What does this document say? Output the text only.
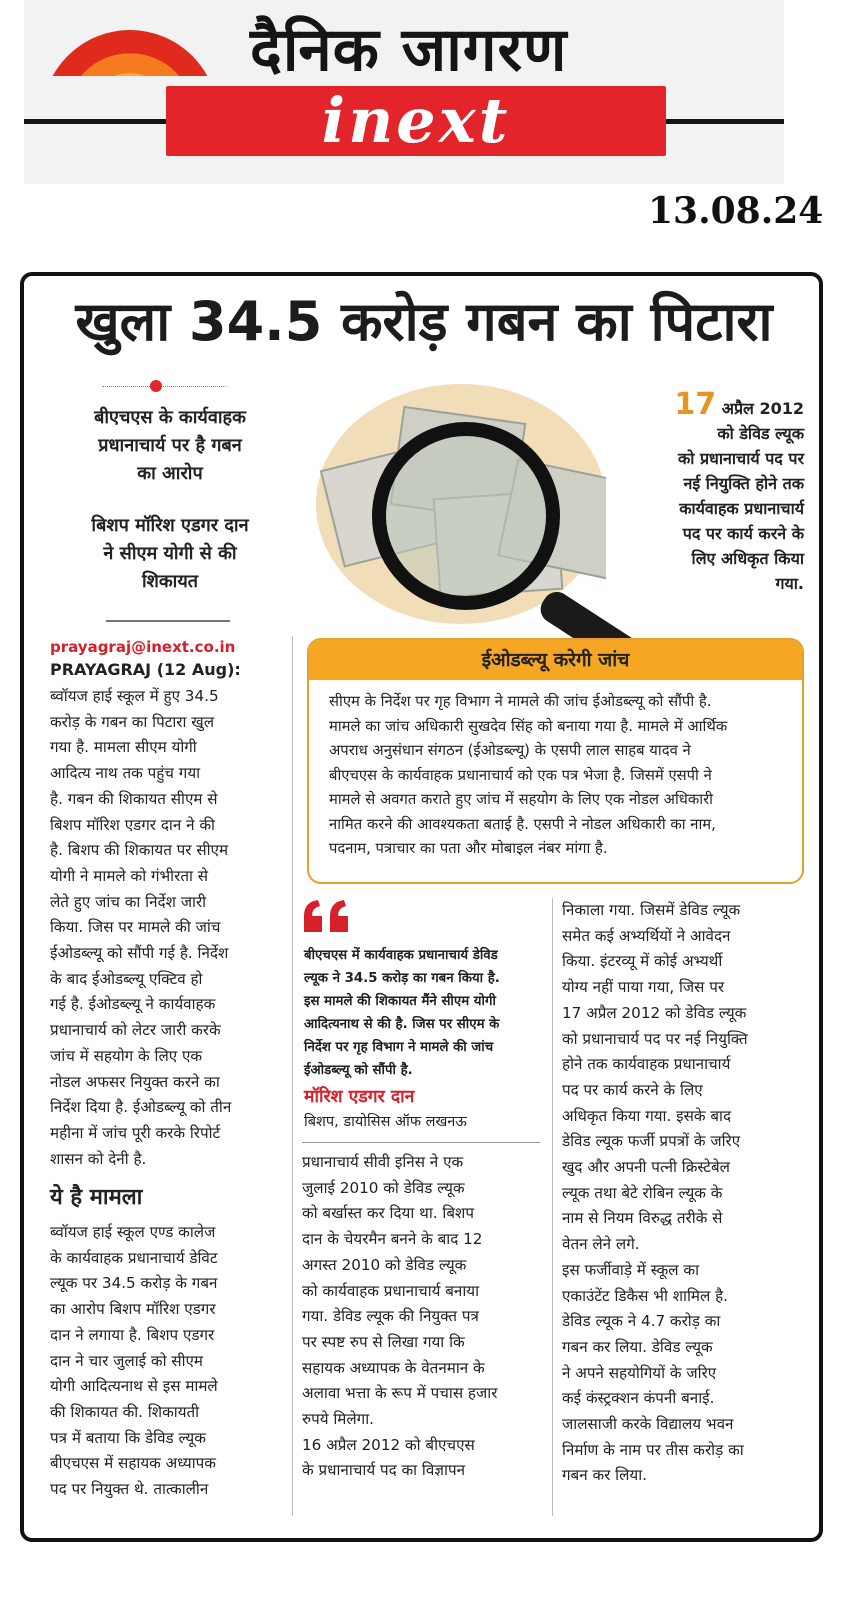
दैनिक जागरण
inext
13.08.24
खुला 34.5 करोड़ गबन का पिटारा
बीएचएस के कार्यवाहक
प्रधानाचार्य पर है गबन
का आरोप
बिशप मॉरिश एडगर दान
ने सीएम योगी से की
शिकायत
prayagraj@inext.co.in
PRAYAGRAJ (12 Aug):
ब्वॉयज हाई स्कूल में हुए 34.5
करोड़ के गबन का पिटारा खुल
गया है. मामला सीएम योगी
आदित्य नाथ तक पहुंच गया
है. गबन की शिकायत सीएम से
बिशप मॉरिश एडगर दान ने की
है. बिशप की शिकायत पर सीएम
योगी ने मामले को गंभीरता से
लेते हुए जांच का निर्देश जारी
किया. जिस पर मामले की जांच
ईओडब्ल्यू को सौंपी गई है. निर्देश
के बाद ईओडब्ल्यू एक्टिव हो
गई है. ईओडब्ल्यू ने कार्यवाहक
प्रधानाचार्य को लेटर जारी करके
जांच में सहयोग के लिए एक
नोडल अफसर नियुक्त करने का
निर्देश दिया है. ईओडब्ल्यू को तीन
महीना में जांच पूरी करके रिपोर्ट
शासन को देनी है.
ये है मामला
ब्वॉयज हाई स्कूल एण्ड कालेज
के कार्यवाहक प्रधानाचार्य डेविट
ल्यूक पर 34.5 करोड़ के गबन
का आरोप बिशप मॉरिश एडगर
दान ने लगाया है. बिशप एडगर
दान ने चार जुलाई को सीएम
योगी आदित्यनाथ से इस मामले
की शिकायत की. शिकायती
पत्र में बताया कि डेविड ल्यूक
बीएचएस में सहायक अध्यापक
पद पर नियुक्त थे. तात्कालीन
17 अप्रैल 2012
को डेविड ल्यूक
को प्रधानाचार्य पद पर
नई नियुक्ति होने तक
कार्यवाहक प्रधानाचार्य
पद पर कार्य करने के
लिए अधिकृत किया
गया.
ईओडब्ल्यू करेगी जांच
सीएम के निर्देश पर गृह विभाग ने मामले की जांच ईओडब्ल्यू को सौंपी है.
मामले का जांच अधिकारी सुखदेव सिंह को बनाया गया है. मामले में आर्थिक
अपराध अनुसंधान संगठन (ईओडब्ल्यू) के एसपी लाल साहब यादव ने
बीएचएस के कार्यवाहक प्रधानाचार्य को एक पत्र भेजा है. जिसमें एसपी ने
मामले से अवगत कराते हुए जांच में सहयोग के लिए एक नोडल अधिकारी
नामित करने की आवश्यकता बताई है. एसपी ने नोडल अधिकारी का नाम,
पदनाम, पत्राचार का पता और मोबाइल नंबर मांगा है.
बीएचएस में कार्यवाहक प्रधानाचार्य डेविड
ल्यूक ने 34.5 करोड़ का गबन किया है.
इस मामले की शिकायत मैंने सीएम योगी
आदित्यनाथ से की है. जिस पर सीएम के
निर्देश पर गृह विभाग ने मामले की जांच
ईओडब्ल्यू को सौंपी है.
मॉरिश एडगर दान
बिशप, डायोसिस ऑफ लखनऊ
प्रधानाचार्य सीवी इनिस ने एक
जुलाई 2010 को डेविड ल्यूक
को बर्खास्त कर दिया था. बिशप
दान के चेयरमैन बनने के बाद 12
अगस्त 2010 को डेविड ल्यूक
को कार्यवाहक प्रधानाचार्य बनाया
गया. डेविड ल्यूक की नियुक्त पत्र
पर स्पष्ट रुप से लिखा गया कि
सहायक अध्यापक के वेतनमान के
अलावा भत्ता के रूप में पचास हजार
रुपये मिलेगा.
16 अप्रैल 2012 को बीएचएस
के प्रधानाचार्य पद का विज्ञापन
निकाला गया. जिसमें डेविड ल्यूक
समेत कई अभ्यर्थियों ने आवेदन
किया. इंटरव्यू में कोई अभ्यर्थी
योग्य नहीं पाया गया, जिस पर
17 अप्रैल 2012 को डेविड ल्यूक
को प्रधानाचार्य पद पर नई नियुक्ति
होने तक कार्यवाहक प्रधानाचार्य
पद पर कार्य करने के लिए
अधिकृत किया गया. इसके बाद
डेविड ल्यूक फर्जी प्रपत्रों के जरिए
खुद और अपनी पत्नी क्रिस्टेबेल
ल्यूक तथा बेटे रोबिन ल्यूक के
नाम से नियम विरुद्ध तरीके से
वेतन लेने लगे.
इस फर्जीवाड़े में स्कूल का
एकाउंटेंट डिकैस भी शामिल है.
डेविड ल्यूक ने 4.7 करोड़ का
गबन कर लिया. डेविड ल्यूक
ने अपने सहयोगियों के जरिए
कई कंस्ट्रक्शन कंपनी बनाई.
जालसाजी करके विद्यालय भवन
निर्माण के नाम पर तीस करोड़ का
गबन कर लिया.
